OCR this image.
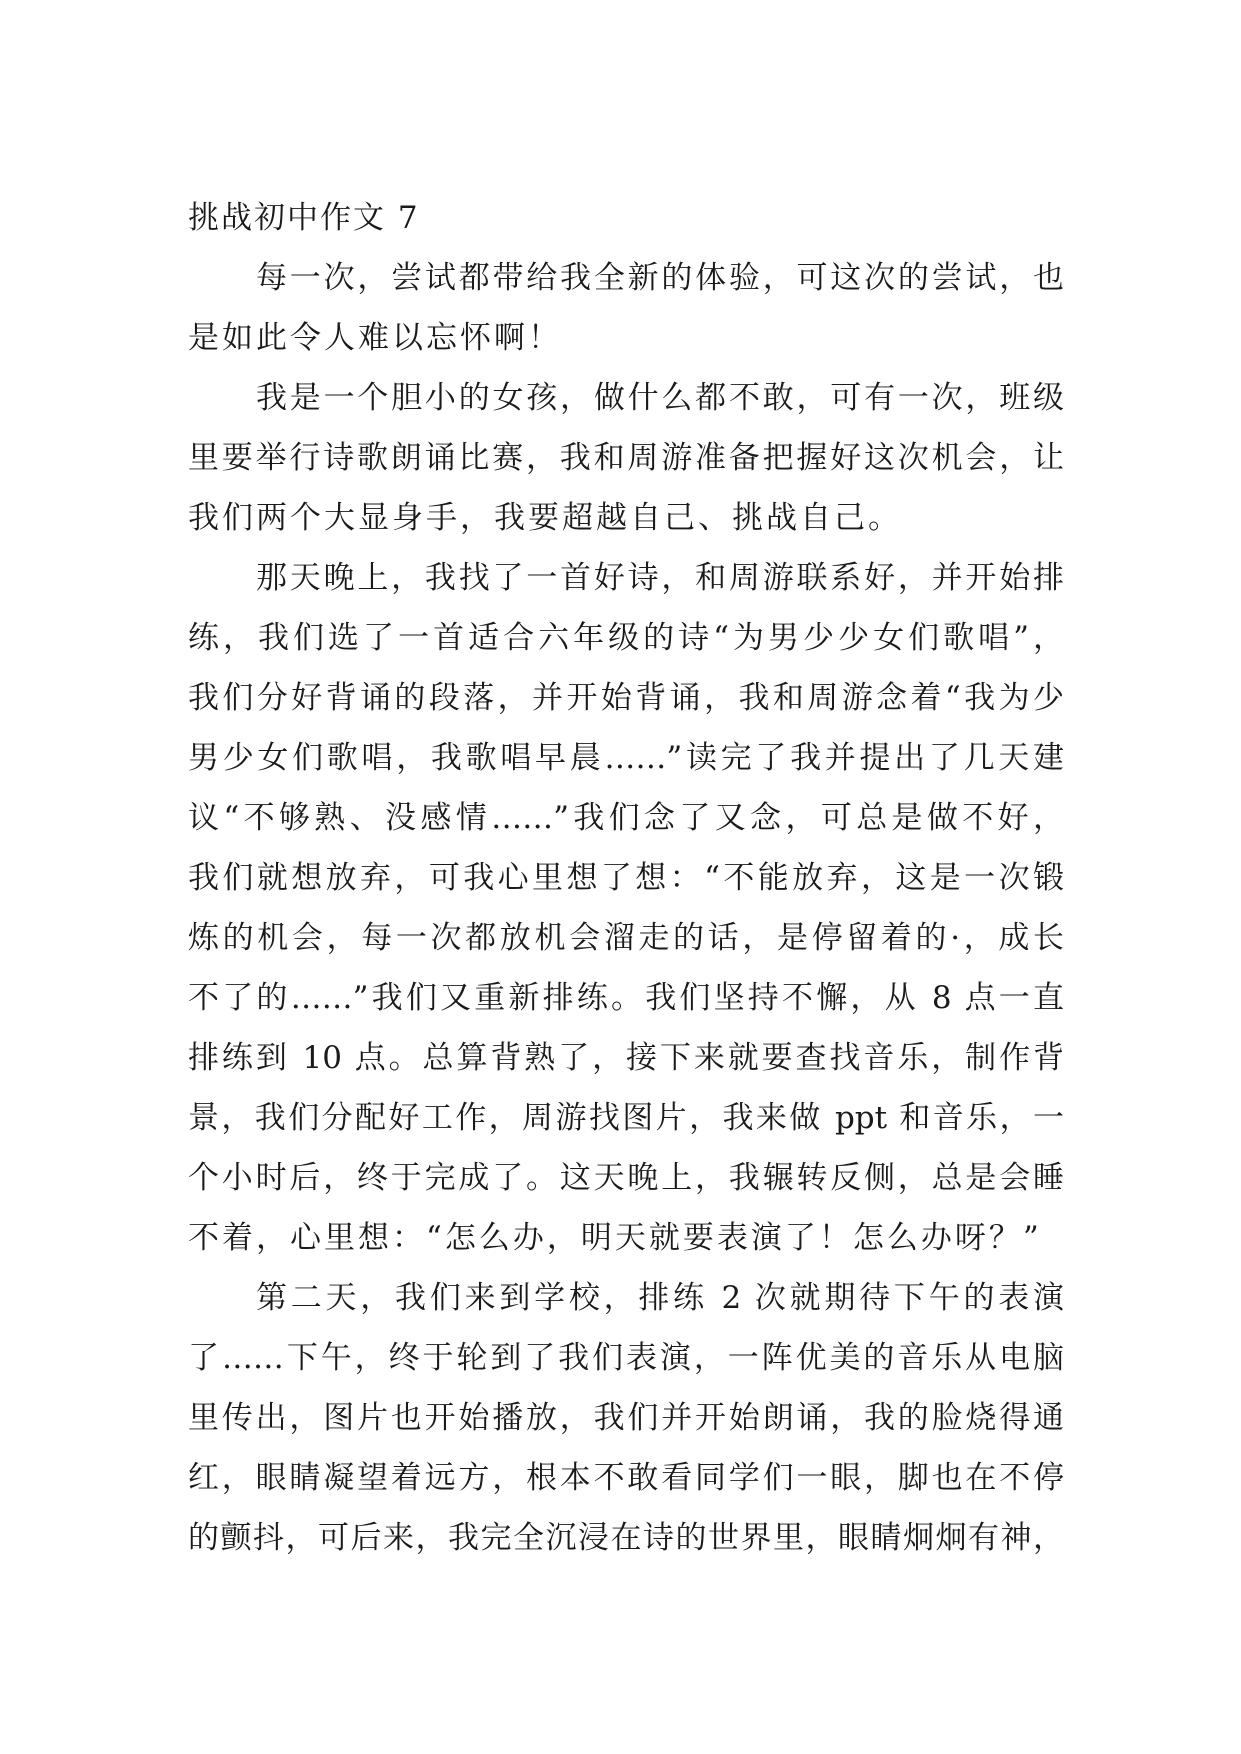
挑战初中作文 7
每一次，尝试都带给我全新的体验，可这次的尝试，也
是如此令人难以忘怀啊！
我是一个胆小的女孩，做什么都不敢，可有一次，班级
里要举行诗歌朗诵比赛，我和周游准备把握好这次机会，让
我们两个大显身手，我要超越自己、挑战自己。
那天晚上，我找了一首好诗，和周游联系好，并开始排
练，我们选了一首适合六年级的诗“为男少少女们歌唱”，
我们分好背诵的段落，并开始背诵，我和周游念着“我为少
男少女们歌唱，我歌唱早晨……”读完了我并提出了几天建
议“不够熟、没感情……”我们念了又念，可总是做不好，
我们就想放弃，可我心里想了想：“不能放弃，这是一次锻
炼的机会，每一次都放机会溜走的话，是停留着的·，成长
不了的……”我们又重新排练。我们坚持不懈，从 8 点一直
排练到 10 点。总算背熟了，接下来就要查找音乐，制作背
景，我们分配好工作，周游找图片，我来做 ppt 和音乐，一
个小时后，终于完成了。这天晚上，我辗转反侧，总是会睡
不着，心里想：“怎么办，明天就要表演了！怎么办呀？”
第二天，我们来到学校，排练 2 次就期待下午的表演
了……下午，终于轮到了我们表演，一阵优美的音乐从电脑
里传出，图片也开始播放，我们并开始朗诵，我的脸烧得通
红，眼睛凝望着远方，根本不敢看同学们一眼，脚也在不停
的颤抖，可后来，我完全沉浸在诗的世界里，眼睛炯炯有神，
